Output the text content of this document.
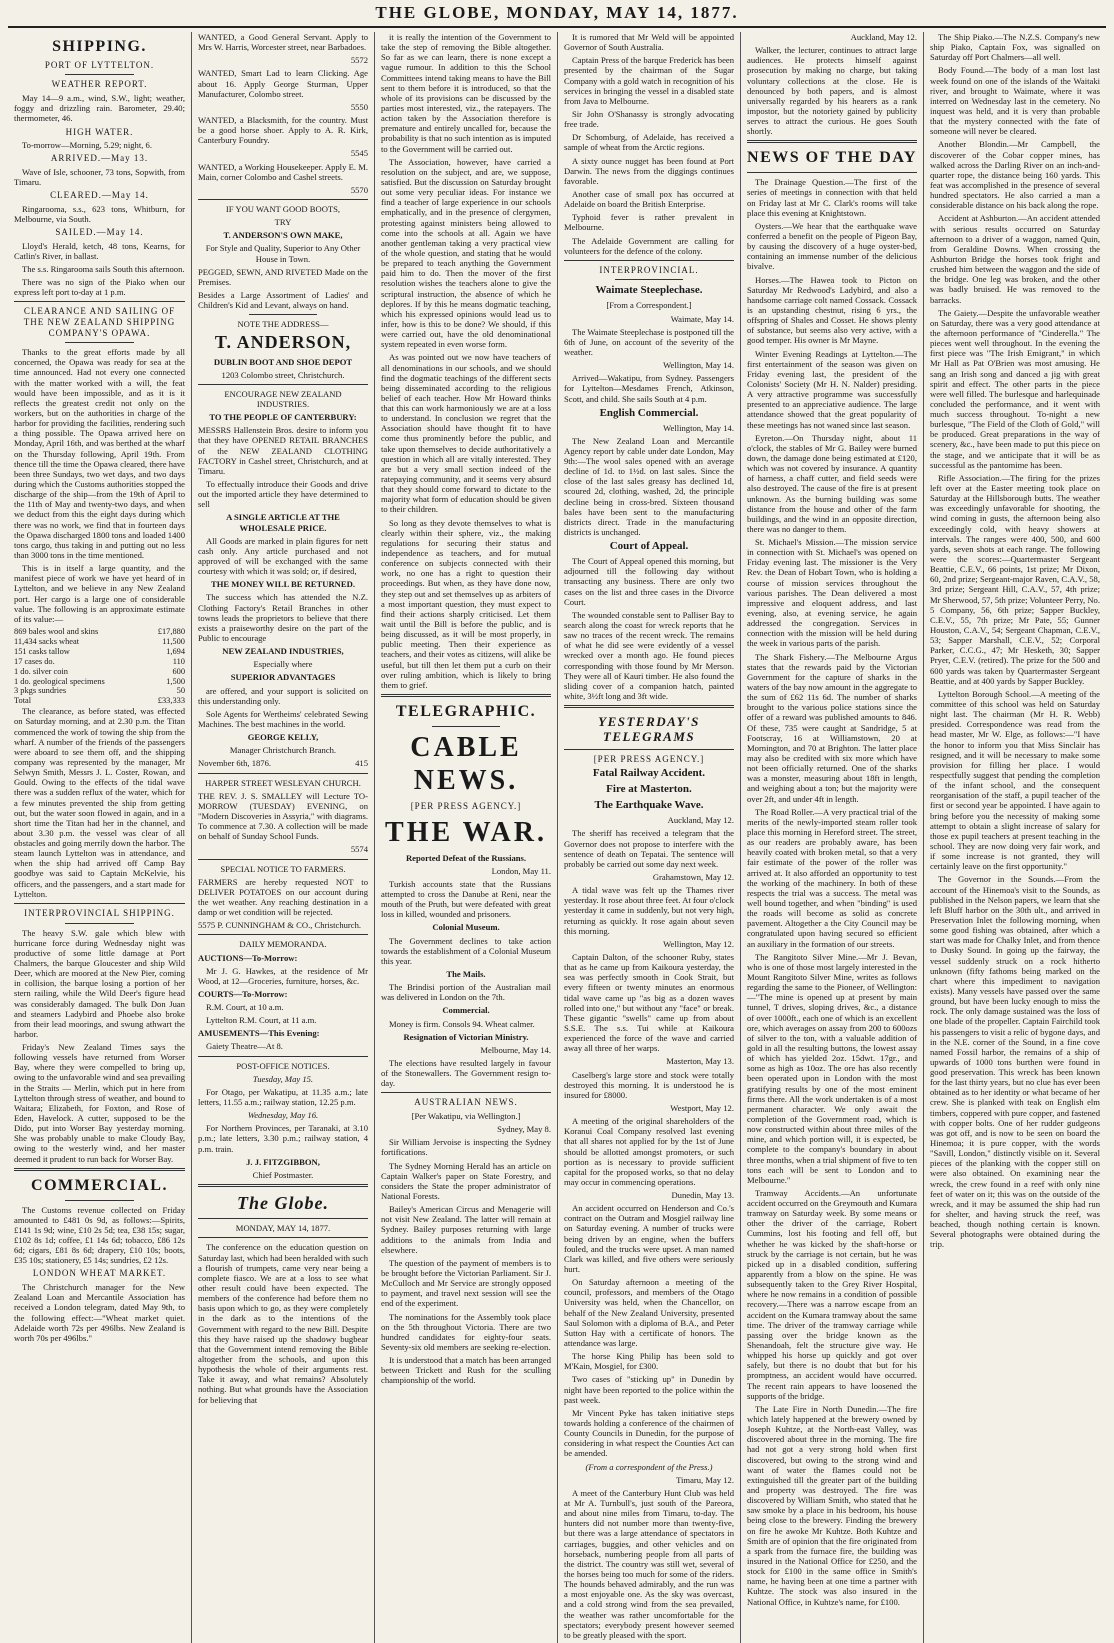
THE GLOBE, MONDAY, MAY 14, 1877.
SHIPPING.
PORT OF LYTTELTON.
WEATHER REPORT.

May 14—9 a.m., wind, S.W., light; weather, foggy and drizzling rain. Barometer, 29.40; thermometer, 46.

HIGH WATER.

To-morrow—Morning, 5.29; night, 6.

ARRIVED.—May 13.

Wave of Isle, schooner, 73 tons, Sopwith, from Timaru.

CLEARED.—May 14.

Ringarooma, s.s., 623 tons, Whitburn, for Melbourne, via South.

SAILED.—May 14.

Lloyd's Herald, ketch, 48 tons, Kearns, for Catlin's River, in ballast.

The s.s. Ringarooma sails South this afternoon.

There was no sign of the Piako when our express left port to-day at 1 p.m.

CLEARANCE AND SAILING OF THE NEW ZEALAND SHIPPING COMPANY'S OPAWA.

Thanks to the great efforts made by all concerned, the Opawa was ready for sea at the time announced. Had not every one connected with the matter worked with a will, the feat would have been impossible, and as it is it reflects the greatest credit not only on the workers, but on the authorities in charge of the harbor for providing the facilities, rendering such a thing possible. The Opawa arrived here on Monday, April 16th, and was berthed at the wharf on the Thursday following, April 19th. From thence till the time the Opawa cleared, there have been three Sundays, two wet days, and two days during which the Customs authorities stopped the discharge of the ship—from the 19th of April to the 11th of May and twenty-two days, and when we deduct from this the eight days during which there was no work, we find that in fourteen days the Opawa discharged 1800 tons and loaded 1400 tons cargo, thus taking in and putting out no less than 3000 tons in the time mentioned.

This is in itself a large quantity, and the manifest piece of work we have yet heard of in Lyttelton, and we believe in any New Zealand port. Her cargo is a large one of considerable value. The following is an approximate estimate of its value:—

869 bales wool and skins	£17,880
11,434 sacks wheat	11,500
151 casks tallow	1,694
17 cases do.	110
1 do. silver coin	600
1 do. geological specimens	1,500
3 pkgs sundries	50
Total	£33,333

The clearance, as before stated, was effected on Saturday morning, and at 2.30 p.m. the Titan commenced the work of towing the ship from the wharf. A number of the friends of the passengers were aboard to see them off, and the shipping company was represented by the manager, Mr Selwyn Smith, Messrs J. L. Coster, Rowan, and Gould. Owing to the effects of the tidal wave there was a sudden reflux of the water, which for a few minutes prevented the ship from getting out, but the water soon flowed in again, and in a short time the Titan had her in the channel, and about 3.30 p.m. the vessel was clear of all obstacles and going merrily down the harbor. The steam launch Lyttelton was in attendance, and when the ship had arrived off Camp Bay goodbye was said to Captain McKelvie, his officers, and the passengers, and a start made for Lyttelton.

INTERPROVINCIAL SHIPPING.

The heavy S.W. gale which blew with hurricane force during Wednesday night was productive of some little damage at Port Chalmers, the barque Gloucester and ship Wild Deer, which are moored at the New Pier, coming in collision, the barque losing a portion of her stern railing, while the Wild Deer's figure head was considerably damaged. The bulk Don Juan and steamers Ladybird and Phoebe also broke from their lead moorings, and swung athwart the harbor.

Friday's New Zealand Times says the following vessels have returned from Worser Bay, where they were compelled to bring up, owing to the unfavorable wind and sea prevailing in the Straits — Merlin, which put in here from Lyttelton through stress of weather, and bound to Waitara; Elizabeth, for Foxton, and Rose of Eden, Havelock. A cutter, supposed to be the Dido, put into Worser Bay yesterday morning. She was probably unable to make Cloudy Bay, owing to the westerly wind, and her master deemed it prudent to run back for Worser Bay.

COMMERCIAL.

The Customs revenue collected on Friday amounted to £481 0s 9d, as follows:—Spirits, £141 1s 9d; wine, £10 2s 5d; tea, £38 15s; sugar, £102 8s 1d; coffee, £1 14s 6d; tobacco, £86 12s 6d; cigars, £81 8s 6d; drapery, £10 10s; boots, £35 10s; stationery, £5 14s; sundries, £2 12s.

LONDON WHEAT MARKET.

The Christchurch manager for the New Zealand Loan and Mercantile Association has received a London telegram, dated May 9th, to the following effect:—"Wheat market quiet. Adelaide worth 72s per 496lbs. New Zealand is worth 70s per 496lbs."

WANTED, a Good General Servant. Apply to Mrs W. Harris, Worcester street, near Barbadoes.

5572

WANTED, Smart Lad to learn Clicking. Age about 16. Apply George Sturman, Upper Manufacturer, Colombo street.

5550

WANTED, a Blacksmith, for the country. Must be a good horse shoer. Apply to A. R. Kirk, Canterbury Foundry.

5545

WANTED, a Working Housekeeper. Apply E. M. Main, corner Colombo and Cashel streets.

5570

IF YOU WANT GOOD BOOTS,

TRY

T. ANDERSON'S OWN MAKE,

For Style and Quality, Superior to Any Other House in Town.

PEGGED, SEWN, AND RIVETED Made on the Premises.

Besides a Large Assortment of Ladies' and Children's Kid and Levant, always on hand.

NOTE THE ADDRESS—

T. ANDERSON,

DUBLIN BOOT AND SHOE DEPOT

1203 Colombo street, Christchurch.

ENCOURAGE NEW ZEALAND INDUSTRIES.

TO THE PEOPLE OF CANTERBURY:

MESSRS Hallenstein Bros. desire to inform you that they have OPENED RETAIL BRANCHES of the NEW ZEALAND CLOTHING FACTORY in Cashel street, Christchurch, and at Timaru.

To effectually introduce their Goods and drive out the imported article they have determined to sell

A SINGLE ARTICLE AT THE WHOLESALE PRICE.

All Goods are marked in plain figures for nett cash only. Any article purchased and not approved of will be exchanged with the same courtesy with which it was sold; or, if desired,

THE MONEY WILL BE RETURNED.

The success which has attended the N.Z. Clothing Factory's Retail Branches in other towns leads the proprietors to believe that there exists a praiseworthy desire on the part of the Public to encourage

NEW ZEALAND INDUSTRIES,

Especially where

SUPERIOR ADVANTAGES

are offered, and your support is solicited on this understanding only.

Sole Agents for Wertheims' celebrated Sewing Machines. The best machines in the world.

GEORGE KELLY,

Manager Christchurch Branch.

November 6th, 1876.	415

HARPER STREET WESLEYAN CHURCH.

THE REV. J. S. SMALLEY will Lecture TO-MORROW (TUESDAY) EVENING, on "Modern Discoveries in Assyria," with diagrams. To commence at 7.30. A collection will be made on behalf of Sunday School Funds.

5574

SPECIAL NOTICE TO FARMERS.

FARMERS are hereby requested NOT to DELIVER POTATOES on our account during the wet weather. Any reaching destination in a damp or wet condition will be rejected.

5575 P. CUNNINGHAM & CO., Christchurch.

DAILY MEMORANDA.

AUCTIONS—To-Morrow:

Mr J. G. Hawkes, at the residence of Mr Wood, at 12—Groceries, furniture, horses, &c.

COURTS—To-Morrow:

R.M. Court, at 10 a.m.

Lyttelton R.M. Court, at 11 a.m.

AMUSEMENTS—This Evening:

Gaiety Theatre—At 8.

POST-OFFICE NOTICES.

Tuesday, May 15.

For Otago, per Wakatipu, at 11.35 a.m.; late letters, 11.55 a.m.; railway station, 12.25 p.m.

Wednesday, May 16.

For Northern Provinces, per Taranaki, at 3.10 p.m.; late letters, 3.30 p.m.; railway station, 4 p.m. train.

J. J. FITZGIBBON,

Chief Postmaster.

The Globe.

MONDAY, MAY 14, 1877.

The conference on the education question on Saturday last, which had been heralded with such a flourish of trumpets, came very near being a complete fiasco. We are at a loss to see what other result could have been expected. The members of the conference had before them no basis upon which to go, as they were completely in the dark as to the intentions of the Government with regard to the new Bill. Despite this they have raised up the shadowy bugbear that the Government intend removing the Bible altogether from the schools, and upon this hypothesis the whole of their arguments rest. Take it away, and what remains? Absolutely nothing. But what grounds have the Association for believing that

it is really the intention of the Government to take the step of removing the Bible altogether. So far as we can learn, there is none except a vague rumour. In addition to this the School Committees intend taking means to have the Bill sent to them before it is introduced, so that the whole of its provisions can be discussed by the parties most interested, viz., the ratepayers. The action taken by the Association therefore is premature and entirely uncalled for, because the probability is that no such intention as is imputed to the Government will be carried out.

The Association, however, have carried a resolution on the subject, and are, we suppose, satisfied. But the discussion on Saturday brought out some very peculiar ideas. For instance we find a teacher of large experience in our schools emphatically, and in the presence of clergymen, protesting against ministers being allowed to come into the schools at all. Again we have another gentleman taking a very practical view of the whole question, and stating that he would be prepared to teach anything the Government paid him to do. Then the mover of the first resolution wishes the teachers alone to give the scriptural instruction, the absence of which he deplores. If by this he means dogmatic teaching, which his expressed opinions would lead us to infer, how is this to be done? We should, if this were carried out, have the old denominational system repeated in even worse form.

As was pointed out we now have teachers of all denominations in our schools, and we should find the dogmatic teachings of the different sects being disseminated according to the religious belief of each teacher. How Mr Howard thinks that this can work harmoniously we are at a loss to understand. In conclusion we regret that the Association should have thought fit to have come thus prominently before the public, and take upon themselves to decide authoritatively a question in which all are vitally interested. They are but a very small section indeed of the ratepaying community, and it seems very absurd that they should come forward to dictate to the majority what form of education should be given to their children.

So long as they devote themselves to what is clearly within their sphere, viz., the making regulations for securing their status and independence as teachers, and for mutual conference on subjects connected with their work, no one has a right to question their proceedings. But when, as they have done now, they step out and set themselves up as arbiters of a most important question, they must expect to find their actions sharply criticised. Let them wait until the Bill is before the public, and is being discussed, as it will be most properly, in public meeting. Then their experience as teachers, and their votes as citizens, will alike be useful, but till then let them put a curb on their over ruling ambition, which is likely to bring them to grief.

TELEGRAPHIC.
CABLE NEWS.
[PER PRESS AGENCY.]
THE WAR.

Reported Defeat of the Russians.

London, May 11.

Turkish accounts state that the Russians attempted to cross the Danube at Reni, near the mouth of the Pruth, but were defeated with great loss in killed, wounded and prisoners.

Colonial Museum.

The Government declines to take action towards the establishment of a Colonial Museum this year.

The Mails.

The Brindisi portion of the Australian mail was delivered in London on the 7th.

Commercial.

Money is firm. Consols 94. Wheat calmer.

Resignation of Victorian Ministry.

Melbourne, May 14.

The elections have resulted largely in favour of the Stonewallers. The Government resign to-day.

AUSTRALIAN NEWS.

[Per Wakatipu, via Wellington.]

Sydney, May 8.

Sir William Jervoise is inspecting the Sydney fortifications.

The Sydney Morning Herald has an article on Captain Walker's paper on State Forestry, and considers the State the proper administrator of National Forests.

Bailey's American Circus and Menagerie will not visit New Zealand. The latter will remain at Sydney. Bailey purposes returning with large additions to the animals from India and elsewhere.

The question of the payment of members is to be brought before the Victorian Parliament. Sir J. McCulloch and Mr Service are strongly opposed to payment, and travel next session will see the end of the experiment.

The nominations for the Assembly took place on the 5th throughout Victoria. There are two hundred candidates for eighty-four seats. Seventy-six old members are seeking re-election.

It is understood that a match has been arranged between Trickett and Rush for the sculling championship of the world.

It is rumored that Mr Weld will be appointed Governor of South Australia.

Captain Press of the barque Frederick has been presented by the chairman of the Sugar Company with a gold watch in recognition of his services in bringing the vessel in a disabled state from Java to Melbourne.

Sir John O'Shanassy is strongly advocating free trade.

Dr Schomburg, of Adelaide, has received a sample of wheat from the Arctic regions.

A sixty ounce nugget has been found at Port Darwin. The news from the diggings continues favorable.

Another case of small pox has occurred at Adelaide on board the British Enterprise.

Typhoid fever is rather prevalent in Melbourne.

The Adelaide Government are calling for volunteers for the defence of the colony.

INTERPROVINCIAL.

Waimate Steeplechase.

[From a Correspondent.]

Waimate, May 14.

The Waimate Steeplechase is postponed till the 6th of June, on account of the severity of the weather.

Wellington, May 14.

Arrived—Wakatipu, from Sydney. Passengers for Lyttelton—Mesdames French, Atkinson, Scott, and child. She sails South at 4 p.m.

English Commercial.

Wellington, May 14.

The New Zealand Loan and Mercantile Agency report by cable under date London, May 9th:—The wool sales opened with an average decline of 1d. to 1½d. on last sales. Since the close of the last sales greasy has declined 1d, scoured 2d, clothing, washed, 2d, the principle decline being in cross-bred. Sixteen thousand bales have been sent to the manufacturing districts direct. Trade in the manufacturing districts is unchanged.

Court of Appeal.

The Court of Appeal opened this morning, but adjourned till the following day without transacting any business. There are only two cases on the list and three cases in the Divorce Court.

The wounded constable sent to Palliser Bay to search along the coast for wreck reports that he saw no traces of the recent wreck. The remains of what he did see were evidently of a vessel wrecked over a month ago. He found pieces corresponding with those found by Mr Merson. They were all of Kauri timber. He also found the sliding cover of a companion hatch, painted white, 3½ft long and 3ft wide.

YESTERDAY'S TELEGRAMS
[PER PRESS AGENCY.]

Fatal Railway Accident.

Fire at Masterton.

The Earthquake Wave.

Auckland, May 12.

The sheriff has received a telegram that the Governor does not propose to interfere with the sentence of death on Tepatai. The sentence will probably be carried out some day next week.

Grahamstown, May 12.

A tidal wave was felt up the Thames river yesterday. It rose about three feet. At four o'clock yesterday it came in suddenly, but not very high, returning as quickly. It rose again about seven this morning.

Wellington, May 12.

Captain Dalton, of the schooner Ruby, states that as he came up from Kaikoura yesterday, the sea was perfectly smooth in Cook Strait, but every fifteen or twenty minutes an enormous tidal wave came up "as big as a dozen waves rolled into one," but without any "face" or break. These gigantic "swells" came up from about S.S.E. The s.s. Tui while at Kaikoura experienced the force of the wave and carried away all three of her warps.

Masterton, May 13.

Caselberg's large store and stock were totally destroyed this morning. It is understood he is insured for £8000.

Westport, May 12.

A meeting of the original shareholders of the Koranui Coal Company resolved last evening that all shares not applied for by the 1st of June should be allotted amongst promoters, or such portion as is necessary to provide sufficient capital for the proposed works, so that no delay may occur in commencing operations.

Dunedin, May 13.

An accident occurred on Henderson and Co.'s contract on the Outram and Mosgiel railway line on Saturday evening. A number of trucks were being driven by an engine, when the buffers fouled, and the trucks were upset. A man named Clark was killed, and five others were seriously hurt.

On Saturday afternoon a meeting of the council, professors, and members of the Otago University was held, when the Chancellor, on behalf of the New Zealand University, presented Saul Solomon with a diploma of B.A., and Peter Sutton Hay with a certificate of honors. The attendance was large.

The horse King Philip has been sold to M'Kain, Mosgiel, for £300.

Two cases of "sticking up" in Dunedin by night have been reported to the police within the past week.

Mr Vincent Pyke has taken initiative steps towards holding a conference of the chairmen of County Councils in Dunedin, for the purpose of considering in what respect the Counties Act can be amended.

(From a correspondent of the Press.)

Timaru, May 12.

A meet of the Canterbury Hunt Club was held at Mr A. Turnbull's, just south of the Pareora, and about nine miles from Timaru, to-day. The hunters did not number more than twenty-five, but there was a large attendance of spectators in carriages, buggies, and other vehicles and on horseback, numbering people from all parts of the district. The country was still wet, several of the horses being too much for some of the riders. The hounds behaved admirably, and the run was a most enjoyable one. As the sky was overcast, and a cold strong wind from the sea prevailed, the weather was rather uncomfortable for the spectators; everybody present however seemed to be greatly pleased with the sport.

Auckland, May 12.

Walker, the lecturer, continues to attract large audiences. He protects himself against prosecution by making no charge, but taking voluntary collections at the close. He is denounced by both papers, and is almost universally regarded by his hearers as a rank impostor, but the notoriety gained by publicity serves to attract the curious. He goes South shortly.

NEWS OF THE DAY

The Drainage Question.—The first of the series of meetings in connection with that held on Friday last at Mr C. Clark's rooms will take place this evening at Knightstown.

Oysters.—We hear that the earthquake wave conferred a benefit on the people of Pigeon Bay, by causing the discovery of a huge oyster-bed, containing an immense number of the delicious bivalve.

Horses.—The Hawea took to Picton on Saturday Mr Redwood's Ladybird, and also a handsome carriage colt named Cossack. Cossack is an upstanding chestnut, rising 6 yrs., the offspring of Shales and Cosset. He shows plenty of substance, but seems also very active, with a good temper. His owner is Mr Mayne.

Winter Evening Readings at Lyttelton.—The first entertainment of the season was given on Friday evening last, the president of the Colonists' Society (Mr H. N. Nalder) presiding. A very attractive programme was successfully presented to an appreciative audience. The large attendance showed that the great popularity of these meetings has not waned since last season.

Eyreton.—On Thursday night, about 11 o'clock, the stables of Mr G. Bailey were burned down, the damage done being estimated at £120, which was not covered by insurance. A quantity of harness, a chaff cutter, and field seeds were also destroyed. The cause of the fire is at present unknown. As the burning building was some distance from the house and other of the farm buildings, and the wind in an opposite direction, there was no danger to them.

St. Michael's Mission.—The mission service in connection with St. Michael's was opened on Friday evening last. The missioner is the Very Rev. the Dean of Hobart Town, who is holding a course of mission services throughout the various parishes. The Dean delivered a most impressive and eloquent address, and last evening, also, at evening service, he again addressed the congregation. Services in connection with the mission will be held during the week in various parts of the parish.

The Shark Fishery.—The Melbourne Argus states that the rewards paid by the Victorian Government for the capture of sharks in the waters of the bay now amount in the aggregate to the sum of £62 11s 6d. The number of sharks brought to the various police stations since the offer of a reward was published amounts to 846. Of these, 735 were caught at Sandridge, 5 at Footscray, 16 at Williamstown, 20 at Mornington, and 70 at Brighton. The latter place may also be credited with six more which have not been officially returned. One of the sharks was a monster, measuring about 18ft in length, and weighing about a ton; but the majority were over 2ft, and under 4ft in length.

The Road Roller.—A very practical trial of the merits of the newly-imported steam roller took place this morning in Hereford street. The street, as our readers are probably aware, has been heavily coated with broken metal, so that a very fair estimate of the power of the roller was arrived at. It also afforded an opportunity to test the working of the machinery. In both of these respects the trial was a success. The metal was well bound together, and when "binding" is used the roads will become as solid as concrete pavement. Altogether a the City Council may be congratulated upon having secured so efficient an auxiliary in the formation of our streets.

The Rangitoto Silver Mine.—Mr J. Bevan, who is one of those most largely interested in the Mount Rangitoto Silver Mine, writes as follows regarding the same to the Pioneer, of Wellington:—"The mine is opened up at present by main tunnel, T drives, sloping drives, &c., a distance of over 1000ft., each one of which is an excellent ore, which averages on assay from 200 to 600ozs of silver to the ton, with a valuable addition of gold in all the resulting buttons, the lowest assay of which has yielded 2oz. 15dwt. 17gr., and some as high as 10oz. The ore has also recently been operated upon in London with the most gratifying results by one of the most eminent firms there. All the work undertaken is of a most permanent character. We only await the completion of the Government road, which is now constructed within about three miles of the mine, and which portion will, it is expected, be complete to the company's boundary in about three months, when a trial shipment of five to ten tons each will be sent to London and to Melbourne."

Tramway Accidents.—An unfortunate accident occurred on the Greymouth and Kumara tramway on Saturday week. By some means or other the driver of the carriage, Robert Cummins, lost his footing and fell off, but whether he was kicked by the shaft-horse or struck by the carriage is not certain, but he was picked up in a disabled condition, suffering apparently from a blow on the spine. He was subsequently taken to the Grey River Hospital, where he now remains in a condition of possible recovery.—There was a narrow escape from an accident on the Kumara tramway about the same time. The driver of the tramway carriage while passing over the bridge known as the Shenandoah, felt the structure give way. He whipped his horse up quickly and got over safely, but there is no doubt that but for his promptness, an accident would have occurred. The recent rain appears to have loosened the supports of the bridge.

The Late Fire in North Dunedin.—The fire which lately happened at the brewery owned by Joseph Kuhtze, at the North-east Valley, was discovered about three in the morning. The fire had not got a very strong hold when first discovered, but owing to the strong wind and want of water the flames could not be extinguished till the greater part of the building and property was destroyed. The fire was discovered by William Smith, who stated that he saw smoke by a place in his bedroom, his house being close to the brewery. Finding the brewery on fire he awoke Mr Kuhtze. Both Kuhtze and Smith are of opinion that the fire originated from a spark from the furnace fire, the building was insured in the National Office for £250, and the stock for £100 in the same office in Smith's name, he having been at one time a partner with Kuhtze. The stock was also insured in the National Office, in Kuhtze's name, for £100.

The Ship Piako.—The N.Z.S. Company's new ship Piako, Captain Fox, was signalled on Saturday off Port Chalmers—all well.

Body Found.—The body of a man lost last week found on one of the islands of the Waitaki river, and brought to Waimate, where it was interred on Wednesday last in the cemetery. No inquest was held, and it is very than probable that the mystery connected with the fate of someone will never be cleared.

Another Blondin.—Mr Campbell, the discoverer of the Cobar copper mines, has walked across the Darling River on an inch-and-quarter rope, the distance being 160 yards. This feat was accomplished in the presence of several hundred spectators. He also carried a man a considerable distance on his back along the rope.

Accident at Ashburton.—An accident attended with serious results occurred on Saturday afternoon to a driver of a waggon, named Quin, from Geraldine Downs. When crossing the Ashburton Bridge the horses took fright and crushed him between the waggon and the side of the bridge. One leg was broken, and the other was badly bruised. He was removed to the barracks.

The Gaiety.—Despite the unfavorable weather on Saturday, there was a very good attendance at the afternoon performance of "Cinderella." The pieces went well throughout. In the evening the first piece was "The Irish Emigrant," in which Mr Hall as Pat O'Brien was most amusing. He sang an Irish song and danced a jig with great spirit and effect. The other parts in the piece were well filled. The burlesque and harlequinade concluded the performance, and it went with much success throughout. To-night a new burlesque, "The Field of the Cloth of Gold," will be produced. Great preparations in the way of scenery, &c., have been made to put this piece on the stage, and we anticipate that it will be as successful as the pantomime has been.

Rifle Association.—The firing for the prizes left over at the Easter meeting took place on Saturday at the Hillsborough butts. The weather was exceedingly unfavorable for shooting, the wind coming in gusts, the afternoon being also exceedingly cold, with heavy showers at intervals. The ranges were 400, 500, and 600 yards, seven shots at each range. The following were the scores:—Quartermaster Sergeant Beattie, C.E.V., 66 points, 1st prize; Mr Dixon, 60, 2nd prize; Sergeant-major Raven, C.A.V., 58, 3rd prize; Sergeant Hill, C.A.V., 57, 4th prize; Mr Sherwood, 57, 5th prize; Volunteer Perry, No. 5 Company, 56, 6th prize; Sapper Buckley, C.E.V., 55, 7th prize; Mr Pate, 55; Gunner Houston, C.A.V., 54; Sergeant Chapman, C.E.V., 53; Sapper Marshall, C.E.V., 52; Corporal Parker, C.C.G., 47; Mr Hesketh, 30; Sapper Pryer, C.E.V. (retired). The prize for the 500 and 600 yards was taken by Quartermaster Sergeant Beattie, and at 400 yards by Sapper Buckley.

Lyttelton Borough School.—A meeting of the committee of this school was held on Saturday night last. The chairman (Mr H. R. Webb) presided. Correspondence was read from the head master, Mr W. Elge, as follows:—"I have the honor to inform you that Miss Sinclair has resigned, and it will be necessary to make some provision for filling her place. I would respectfully suggest that pending the completion of the infant school, and the consequent reorganisation of the staff, a pupil teacher of the first or second year be appointed. I have again to bring before you the necessity of making some attempt to obtain a slight increase of salary for those ex pupil teachers at present teaching in the school. They are now doing very fair work, and if some increase is not granted, they will certainly leave on the first opportunity."

The Governor in the Sounds.—From the account of the Hinemoa's visit to the Sounds, as published in the Nelson papers, we learn that she left Bluff harbor on the 30th ult., and arrived in Preservation Inlet the following morning, when some good fishing was obtained, after which a start was made for Chalky Inlet, and from thence to Dusky Sound. In going up the fairway, the vessel suddenly struck on a rock hitherto unknown (fifty fathoms being marked on the chart where this impediment to navigation exists). Many vessels have passed over the same ground, but have been lucky enough to miss the rock. The only damage sustained was the loss of one blade of the propeller. Captain Fairchild took his passengers to visit a relic of bygone days, and in the N.E. corner of the Sound, in a fine cove named Fossil harbor, the remains of a ship of upwards of 1000 tons burthen were found in good preservation. This wreck has been known for the last thirty years, but no clue has ever been obtained as to her identity or what became of her crew. She is planked with teak on English elm timbers, coppered with pure copper, and fastened with copper bolts. One of her rudder gudgeons was got off, and is now to be seen on board the Hinemoa; it is pure copper, with the words "Savill, London," distinctly visible on it. Several pieces of the planking with the copper still on were also obtained. On examining near the wreck, the crew found in a reef with only nine feet of water on it; this was on the outside of the wreck, and it may be assumed the ship had run for shelter, and having struck the reef, was beached, though nothing certain is known. Several photographs were obtained during the trip.
